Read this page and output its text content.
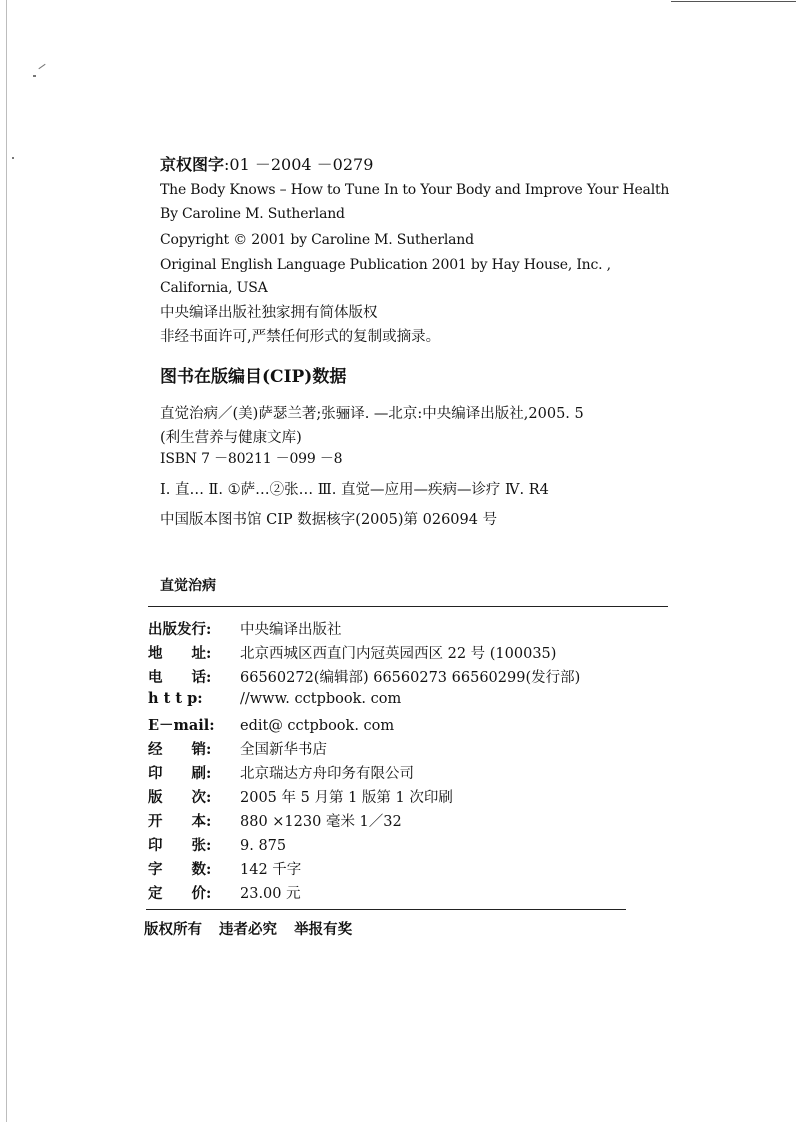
京权图字:01 －2004 －0279
The Body Knows – How to Tune In to Your Body and Improve Your Health
By Caroline M. Sutherland
Copyright © 2001 by Caroline M. Sutherland
Original English Language Publication 2001 by Hay House, Inc. ,
California, USA
中央编译出版社独家拥有简体版权
非经书面许可,严禁任何形式的复制或摘录。
图书在版编目(CIP)数据
直觉治病／(美)萨瑟兰著;张骊译. —北京:中央编译出版社,2005. 5
(利生营养与健康文库)
ISBN 7 －80211 －099 －8
I. 直… Ⅱ. ①萨…②张… Ⅲ. 直觉—应用—疾病—诊疗 Ⅳ. R4
中国版本图书馆 CIP 数据核字(2005)第 026094 号
直觉治病
出版发行:	中央编译出版社
地　　址:	北京西城区西直门内冠英园西区 22 号 (100035)
电　　话:	66560272(编辑部) 66560273 66560299(发行部)
h t t p:	//www. cctpbook. com
E－mail:	edit@ cctpbook. com
经　　销:	全国新华书店
印　　刷:	北京瑞达方舟印务有限公司
版　　次:	2005 年 5 月第 1 版第 1 次印刷
开　　本:	880 ×1230 毫米 1／32
印　　张:	9. 875
字　　数:	142 千字
定　　价:	23.00 元
版权所有 违者必究 举报有奖
